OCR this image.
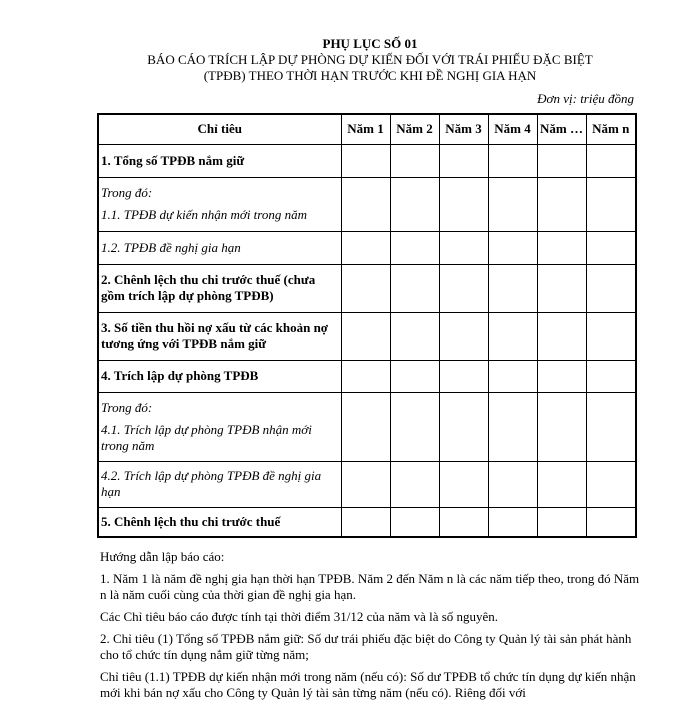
PHỤ LỤC SỐ 01
BÁO CÁO TRÍCH LẬP DỰ PHÒNG DỰ KIẾN ĐỐI VỚI TRÁI PHIẾU ĐẶC BIỆT
(TPĐB) THEO THỜI HẠN TRƯỚC KHI ĐỀ NGHỊ GIA HẠN
Đơn vị: triệu đồng
Chỉ tiêu	Năm 1	Năm 2	Năm 3	Năm 4	Năm …	Năm n
1. Tổng số TPĐB nắm giữ						
Trong đó:
1.1. TPĐB dự kiến nhận mới trong năm						

1.2. TPĐB đề nghị gia hạn						
2. Chênh lệch thu chi trước thuế (chưa gồm trích lập dự phòng TPĐB)						
3. Số tiền thu hồi nợ xấu từ các khoản nợ tương ứng với TPĐB nắm giữ						
4. Trích lập dự phòng TPĐB						
Trong đó:
4.1. Trích lập dự phòng TPĐB nhận mới trong năm						

4.2. Trích lập dự phòng TPĐB đề nghị gia hạn						
5. Chênh lệch thu chi trước thuế						

Hướng dẫn lập báo cáo:

1. Năm 1 là năm đề nghị gia hạn thời hạn TPĐB. Năm 2 đến Năm n là các năm tiếp theo, trong đó Năm n là năm cuối cùng của thời gian đề nghị gia hạn.

Các Chỉ tiêu báo cáo được tính tại thời điểm 31/12 của năm và là số nguyên.

2. Chỉ tiêu (1) Tổng số TPĐB nắm giữ: Số dư trái phiếu đặc biệt do Công ty Quản lý tài sản phát hành cho tổ chức tín dụng nắm giữ từng năm;

Chỉ tiêu (1.1) TPĐB dự kiến nhận mới trong năm (nếu có): Số dư TPĐB tổ chức tín dụng dự kiến nhận mới khi bán nợ xấu cho Công ty Quản lý tài sản từng năm (nếu có). Riêng đối với
